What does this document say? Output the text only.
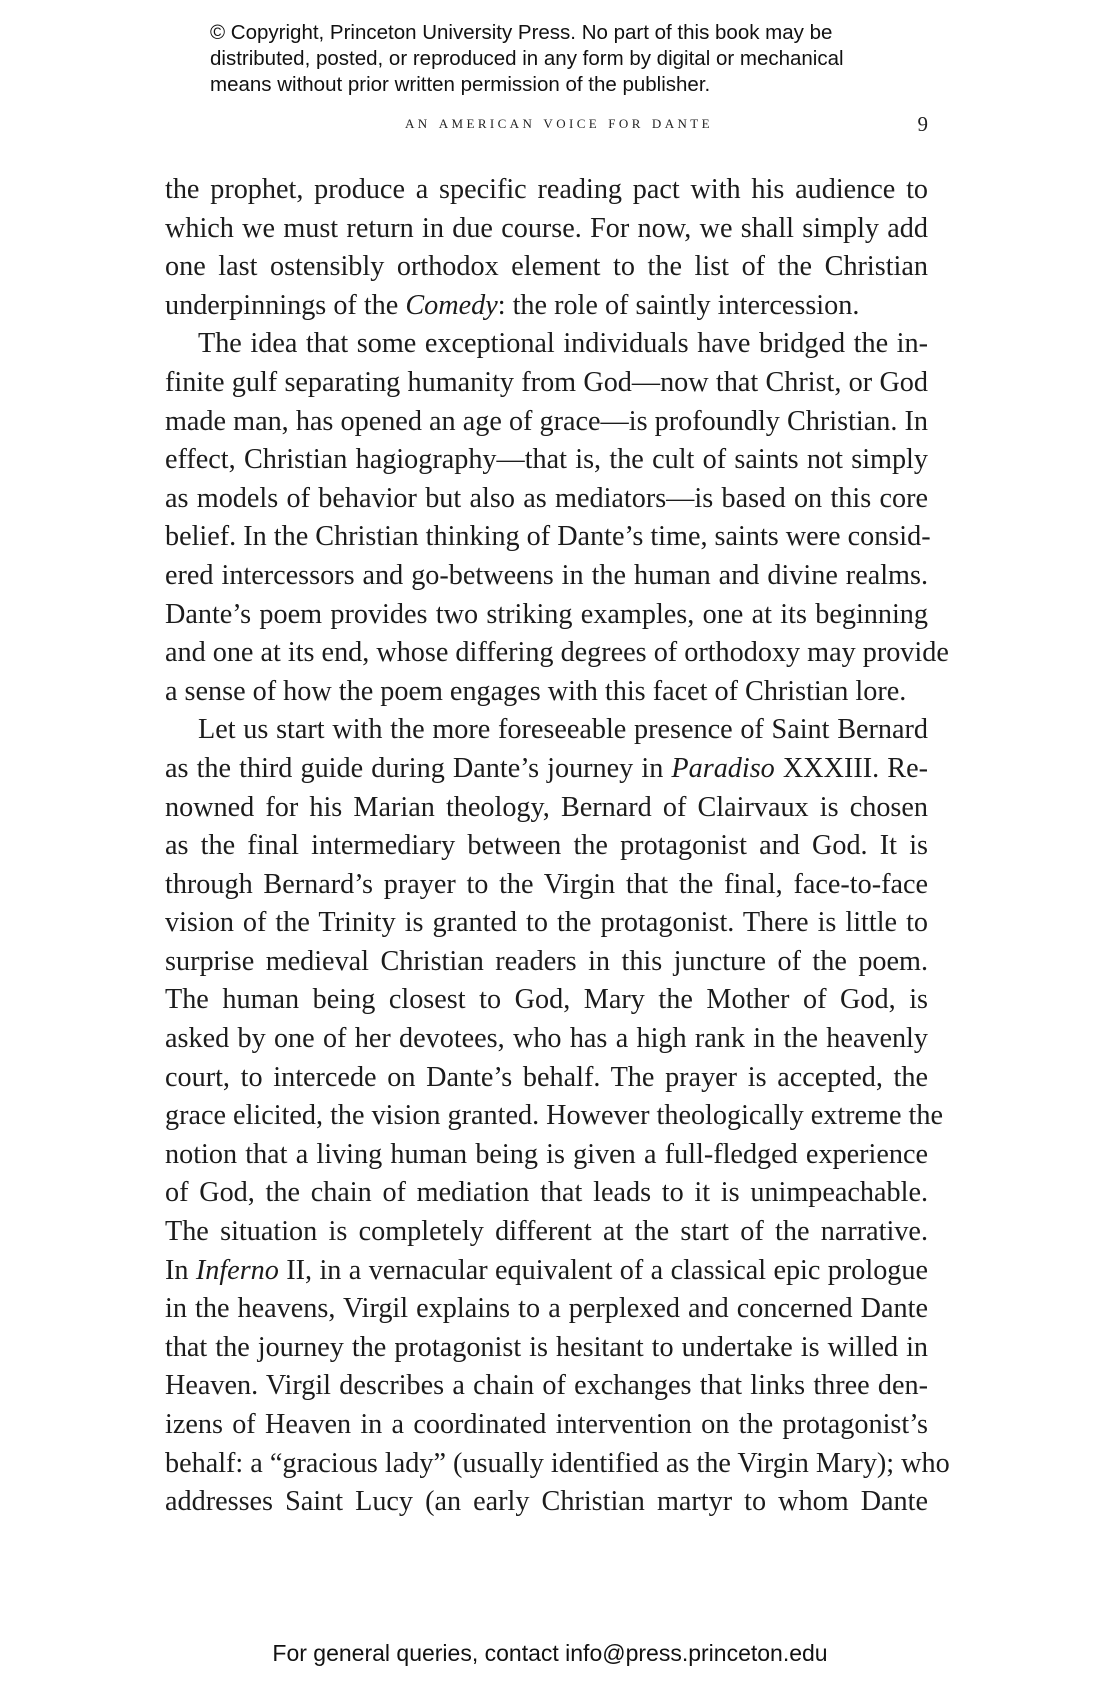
© Copyright, Princeton University Press. No part of this book may be
distributed, posted, or reproduced in any form by digital or mechanical
means without prior written permission of the publisher.
an american voice for dante	9
the prophet, produce a specific reading pact with his audience to
which we must return in due course. For now, we shall simply add
one last ostensibly orthodox element to the list of the Christian
underpinnings of the Comedy: the role of saintly intercession.
The idea that some exceptional individuals have bridged the in-
finite gulf separating humanity from God—now that Christ, or God
made man, has opened an age of grace—is profoundly Christian. In
effect, Christian hagiography—that is, the cult of saints not simply
as models of behavior but also as mediators—is based on this core
belief. In the Christian thinking of Dante’s time, saints were consid-
ered intercessors and go-betweens in the human and divine realms.
Dante’s poem provides two striking examples, one at its beginning
and one at its end, whose differing degrees of orthodoxy may provide
a sense of how the poem engages with this facet of Christian lore.
Let us start with the more foreseeable presence of Saint Bernard
as the third guide during Dante’s journey in Paradiso XXXIII. Re-
nowned for his Marian theology, Bernard of Clairvaux is chosen
as the final intermediary between the protagonist and God. It is
through Bernard’s prayer to the Virgin that the final, face-to-face
vision of the Trinity is granted to the protagonist. There is little to
surprise medieval Christian readers in this juncture of the poem.
The human being closest to God, Mary the Mother of God, is
asked by one of her devotees, who has a high rank in the heavenly
court, to intercede on Dante’s behalf. The prayer is accepted, the
grace elicited, the vision granted. However theologically extreme the
notion that a living human being is given a full-fledged experience
of God, the chain of mediation that leads to it is unimpeachable.
The situation is completely different at the start of the narrative.
In Inferno II, in a vernacular equivalent of a classical epic prologue
in the heavens, Virgil explains to a perplexed and concerned Dante
that the journey the protagonist is hesitant to undertake is willed in
Heaven. Virgil describes a chain of exchanges that links three den-
izens of Heaven in a coordinated intervention on the protagonist’s
behalf: a “gracious lady” (usually identified as the Virgin Mary); who
addresses Saint Lucy (an early Christian martyr to whom Dante
For general queries, contact info@press.princeton.edu
